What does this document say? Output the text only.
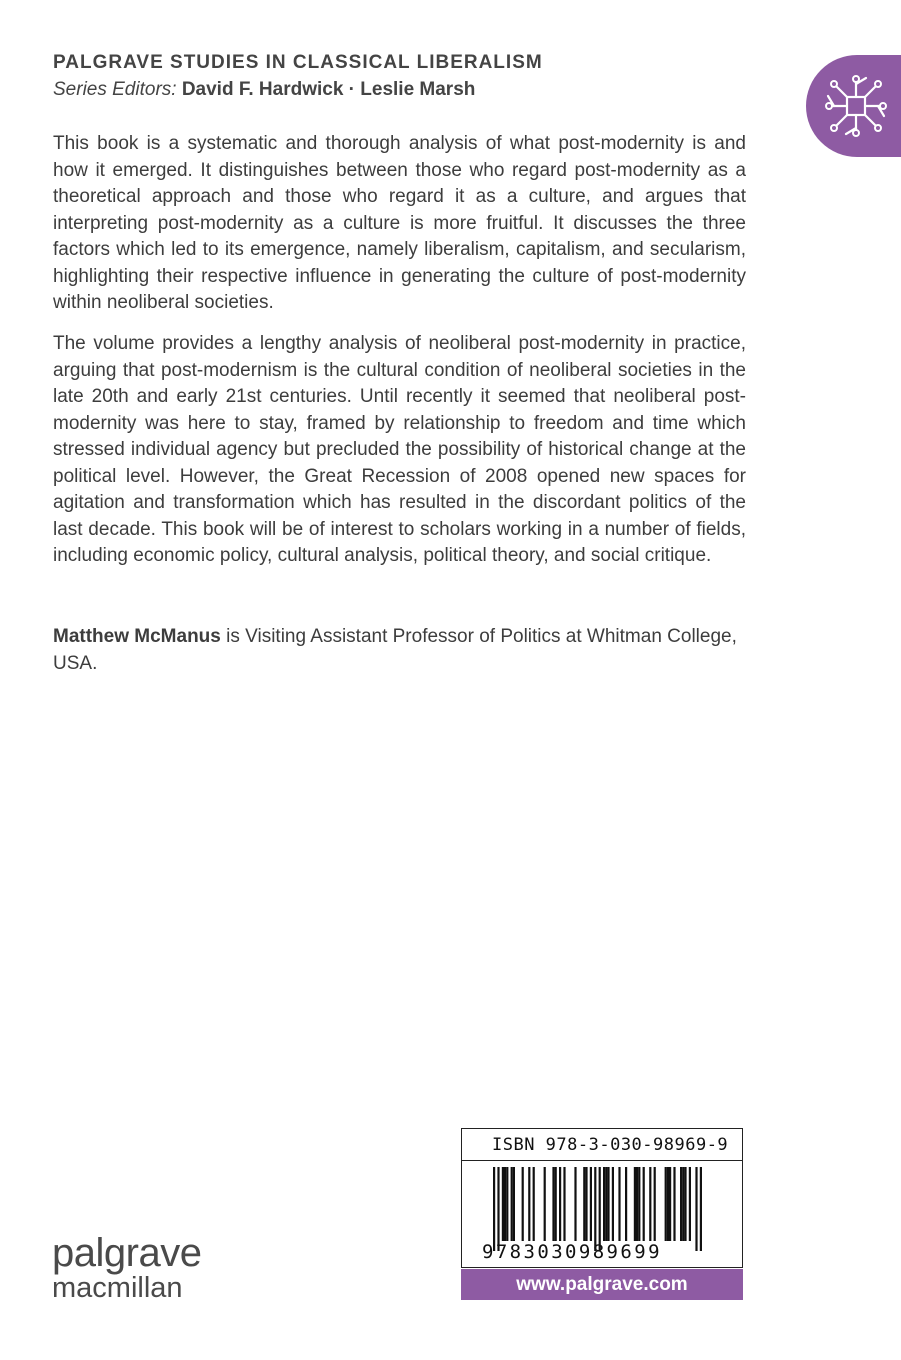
PALGRAVE STUDIES IN CLASSICAL LIBERALISM
Series Editors: David F. Hardwick · Leslie Marsh

This book is a systematic and thorough analysis of what post-modernity is and how it emerged. It distinguishes between those who regard post-modernity as a theoretical approach and those who regard it as a culture, and argues that interpreting post-modernity as a culture is more fruitful. It discusses the three factors which led to its emergence, namely liberalism, capitalism, and secularism, highlighting their respective influence in generating the culture of post-modernity within neoliberal societies.

The volume provides a lengthy analysis of neoliberal post-modernity in practice, arguing that post-modernism is the cultural condition of neoliberal societies in the late 20th and early 21st centuries. Until recently it seemed that neoliberal post-modernity was here to stay, framed by relationship to freedom and time which stressed individual agency but precluded the possibility of historical change at the political level. However, the Great Recession of 2008 opened new spaces for agitation and transformation which has resulted in the discordant politics of the last decade. This book will be of interest to scholars working in a number of fields, including economic policy, cultural analysis, political theory, and social critique.

Matthew McManus is Visiting Assistant Professor of Politics at Whitman College, USA.

palgrave
macmillan
ISBN 978-3-030-98969-9
9783030989699
www.palgrave.com
